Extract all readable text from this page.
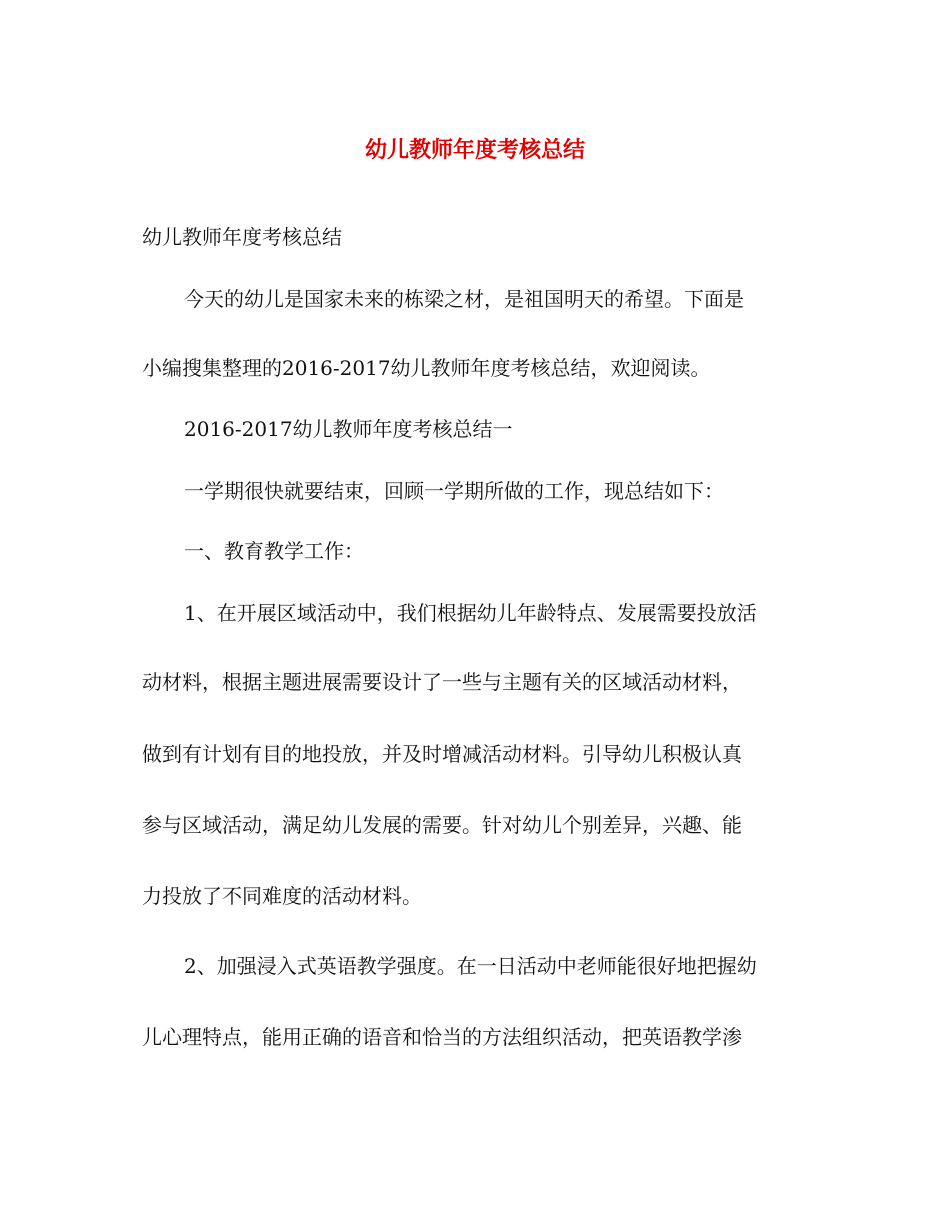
幼儿教师年度考核总结

幼儿教师年度考核总结

今天的幼儿是国家未来的栋梁之材，是祖国明天的希望。下面是

小编搜集整理的2016-2017幼儿教师年度考核总结，欢迎阅读。

2016-2017幼儿教师年度考核总结一

一学期很快就要结束，回顾一学期所做的工作，现总结如下：

一、教育教学工作：

1、在开展区域活动中，我们根据幼儿年龄特点、发展需要投放活

动材料，根据主题进展需要设计了一些与主题有关的区域活动材料，

做到有计划有目的地投放，并及时增减活动材料。引导幼儿积极认真

参与区域活动，满足幼儿发展的需要。针对幼儿个别差异，兴趣、能

力投放了不同难度的活动材料。

2、加强浸入式英语教学强度。在一日活动中老师能很好地把握幼

儿心理特点，能用正确的语音和恰当的方法组织活动，把英语教学渗
